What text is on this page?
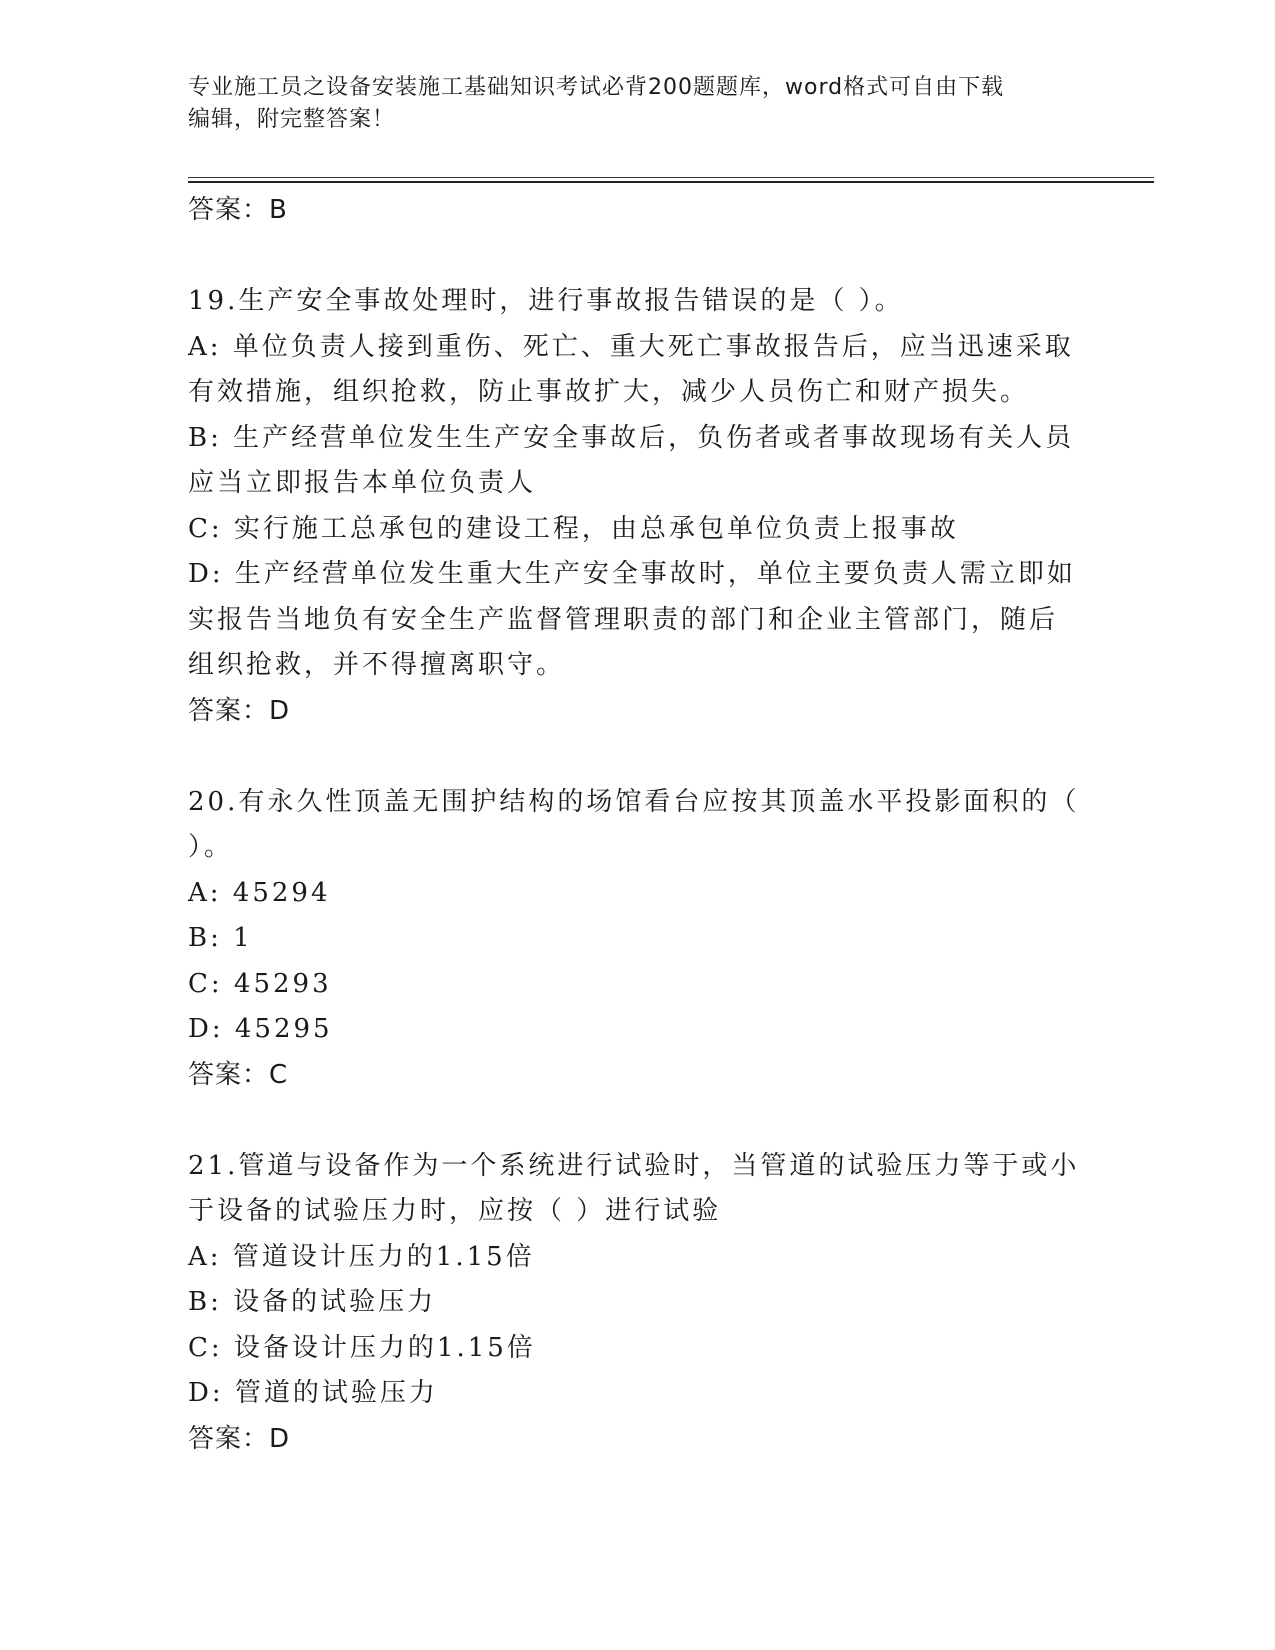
专业施工员之设备安装施工基础知识考试必背200题题库，word格式可自由下载
编辑，附完整答案！
答案：B
19.生产安全事故处理时，进行事故报告错误的是（ ）。
A: 单位负责人接到重伤、死亡、重大死亡事故报告后，应当迅速采取
有效措施，组织抢救，防止事故扩大，减少人员伤亡和财产损失。
B: 生产经营单位发生生产安全事故后，负伤者或者事故现场有关人员
应当立即报告本单位负责人
C: 实行施工总承包的建设工程，由总承包单位负责上报事故
D: 生产经营单位发生重大生产安全事故时，单位主要负责人需立即如
实报告当地负有安全生产监督管理职责的部门和企业主管部门，随后
组织抢救，并不得擅离职守。
答案：D
20.有永久性顶盖无围护结构的场馆看台应按其顶盖水平投影面积的（
）。
A: 45294
B: 1
C: 45293
D: 45295
答案：C
21.管道与设备作为一个系统进行试验时，当管道的试验压力等于或小
于设备的试验压力时，应按（ ）进行试验
A: 管道设计压力的1.15倍
B: 设备的试验压力
C: 设备设计压力的1.15倍
D: 管道的试验压力
答案：D
